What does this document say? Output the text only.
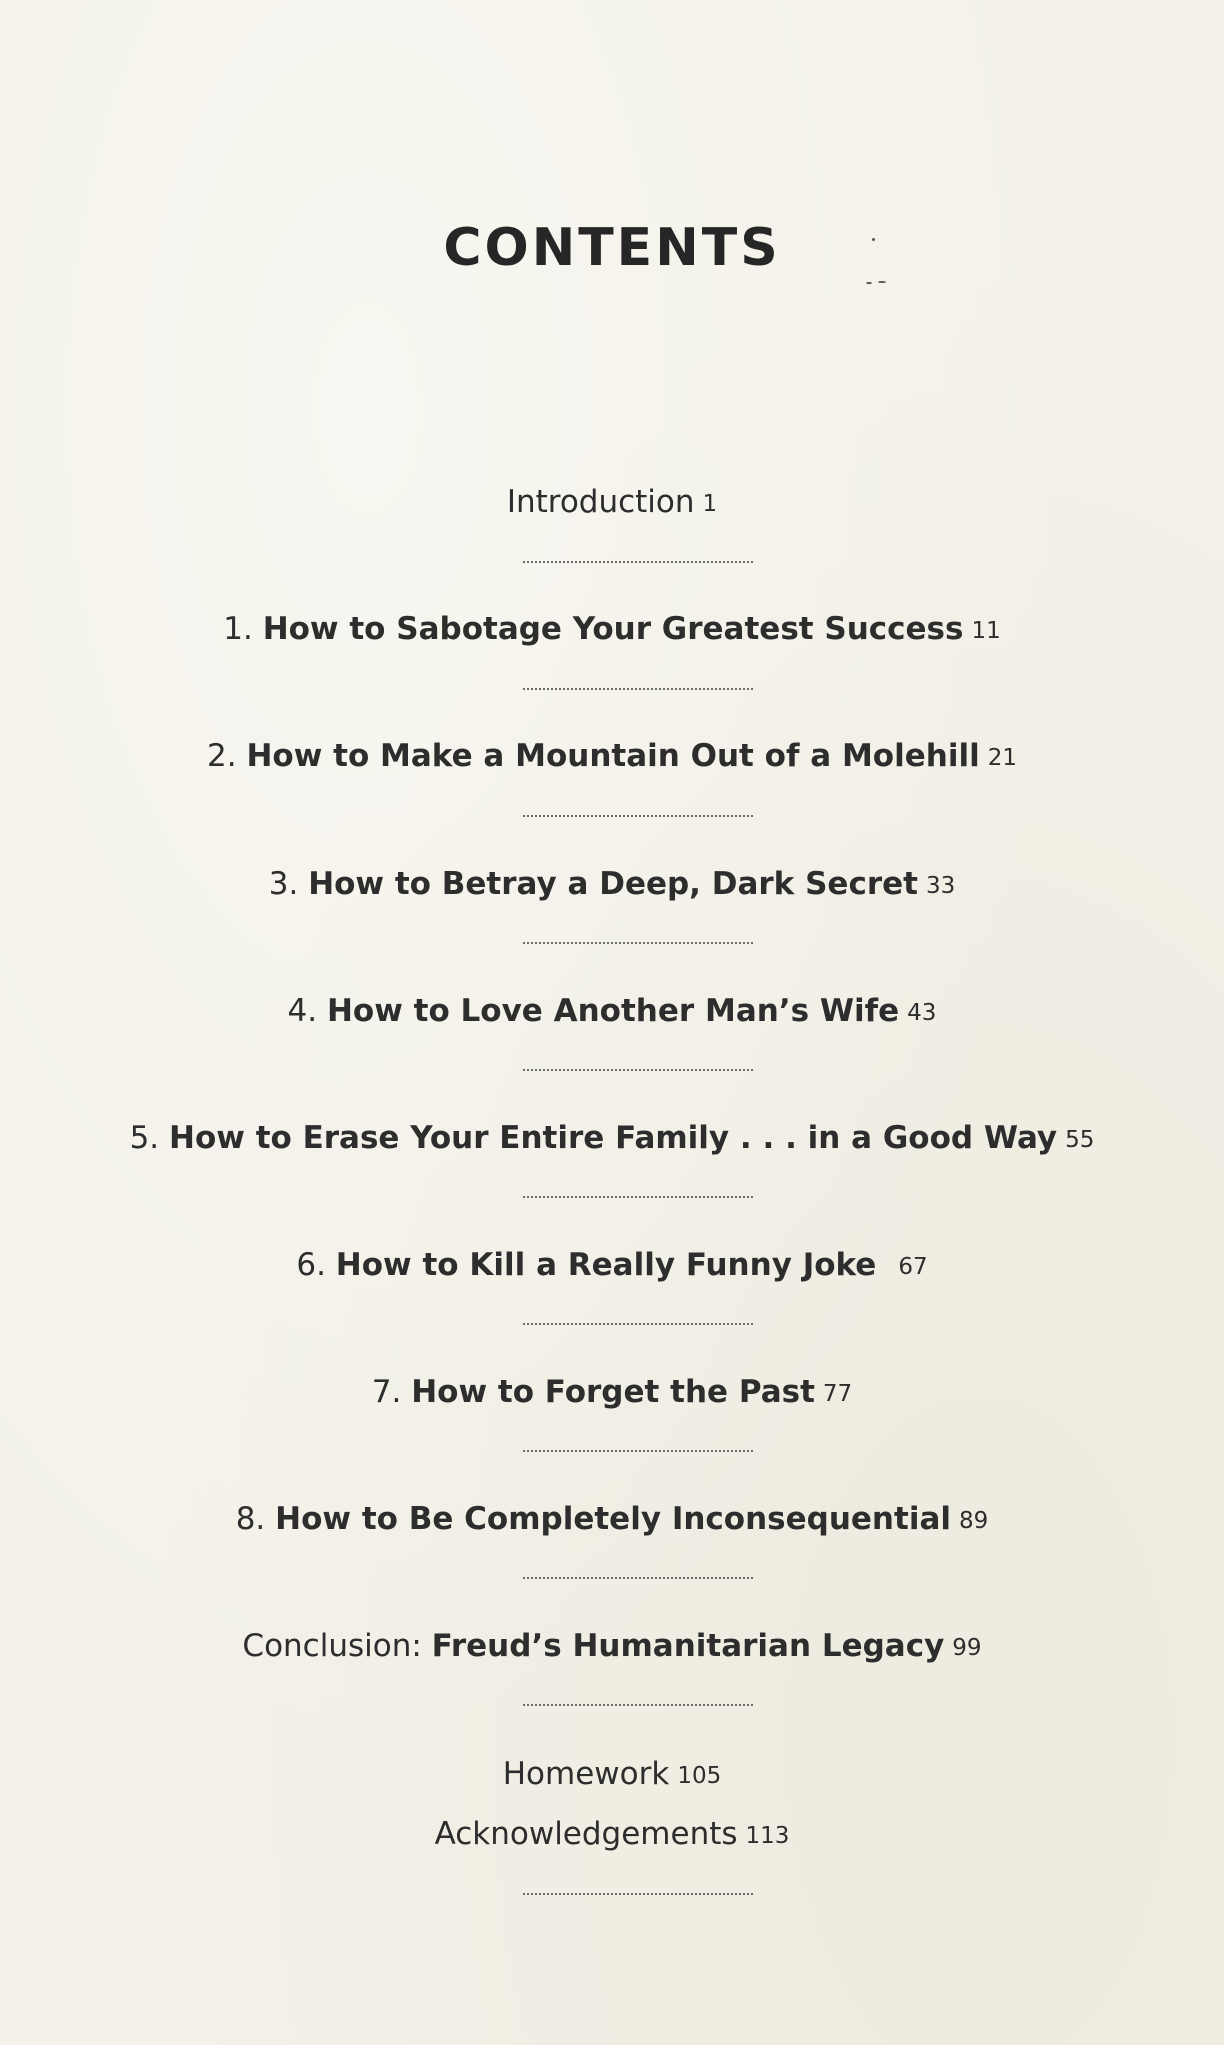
CONTENTS
Introduction 1
1. How to Sabotage Your Greatest Success 11
2. How to Make a Mountain Out of a Molehill 21
3. How to Betray a Deep, Dark Secret 33
4. How to Love Another Man’s Wife 43
5. How to Erase Your Entire Family . . . in a Good Way 55
6. How to Kill a Really Funny Joke 67
7. How to Forget the Past 77
8. How to Be Completely Inconsequential 89
Conclusion: Freud’s Humanitarian Legacy 99
Homework 105
Acknowledgements 113
